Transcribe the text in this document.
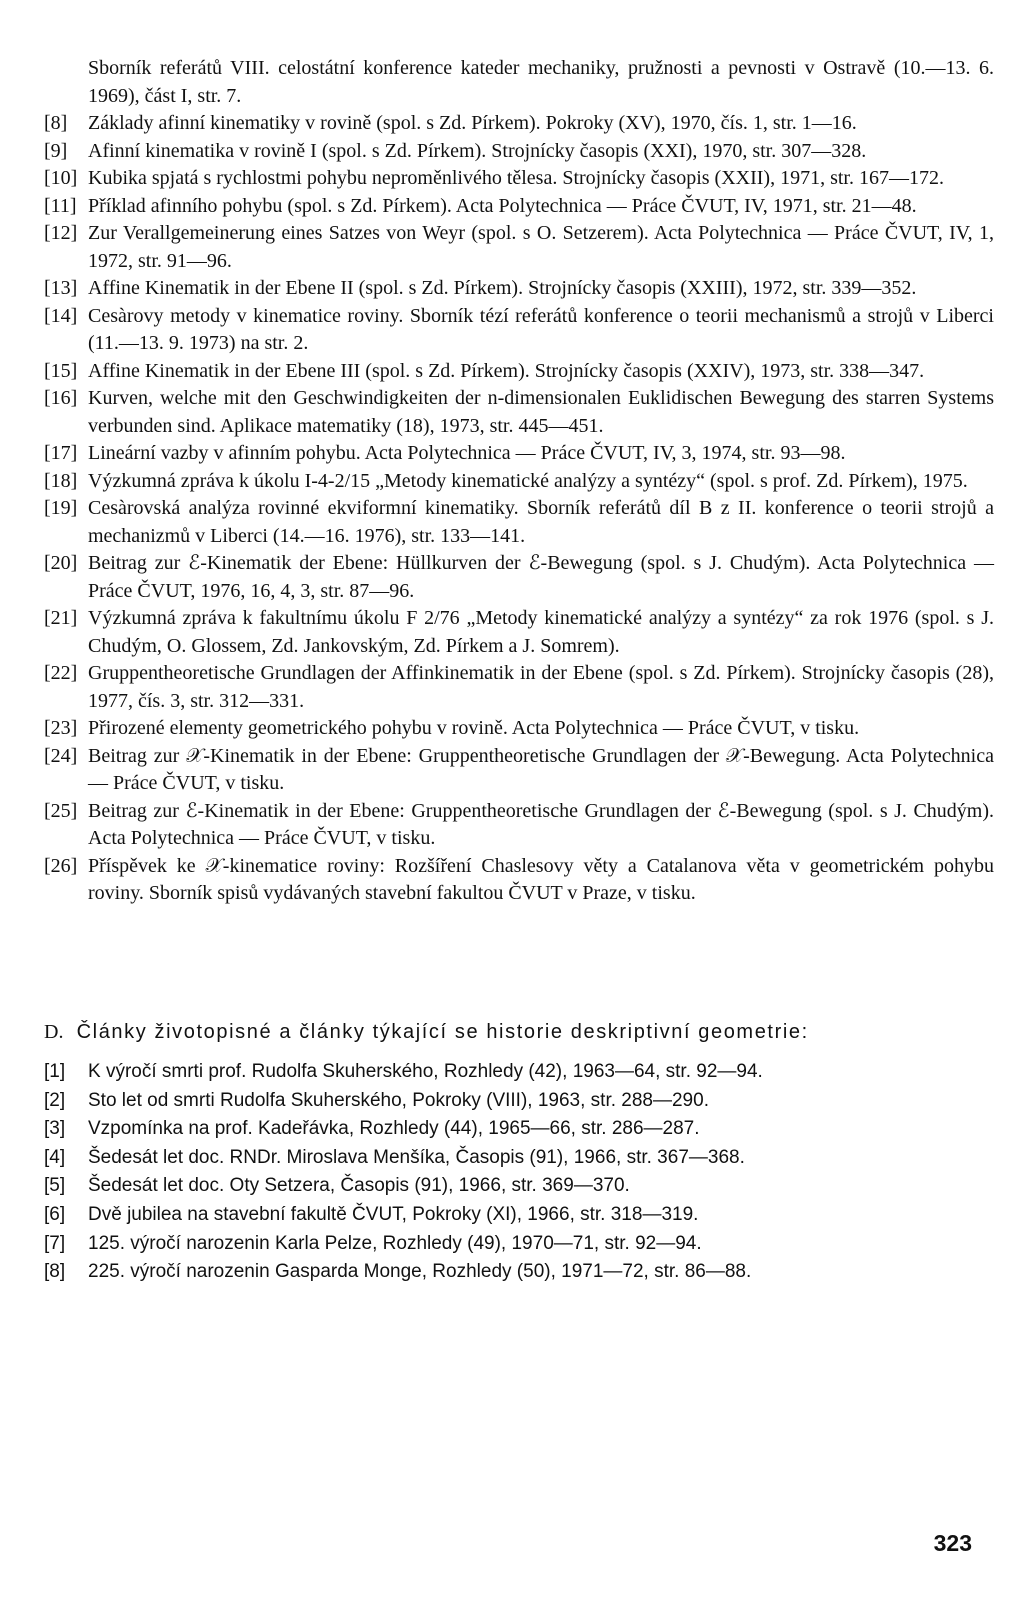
Sborník referátů VIII. celostátní konference kateder mechaniky, pružnosti a pevnosti v Ostravě (10.—13. 6. 1969), část I, str. 7.
[8]	Základy afinní kinematiky v rovině (spol. s Zd. Pírkem). Pokroky (XV), 1970, čís. 1, str. 1—16.
[9]	Afinní kinematika v rovině I (spol. s Zd. Pírkem). Strojnícky časopis (XXI), 1970, str. 307—328.
[10] Kubika spjatá s rychlostmi pohybu neproměnlivého tělesa. Strojnícky časopis (XXII), 1971, str. 167—172.
[11] Příklad afinního pohybu (spol. s Zd. Pírkem). Acta Polytechnica — Práce ČVUT, IV, 1971, str. 21—48.
[12] Zur Verallgemeinerung eines Satzes von Weyr (spol. s O. Setzerem). Acta Polytechnica — Práce ČVUT, IV, 1, 1972, str. 91—96.
[13] Affine Kinematik in der Ebene II (spol. s Zd. Pírkem). Strojnícky časopis (XXIII), 1972, str. 339—352.
[14] Cesàrovy metody v kinematice roviny. Sborník tézí referátů konference o teorii mechanismů a strojů v Liberci (11.—13. 9. 1973) na str. 2.
[15] Affine Kinematik in der Ebene III (spol. s Zd. Pírkem). Strojnícky časopis (XXIV), 1973, str. 338—347.
[16] Kurven, welche mit den Geschwindigkeiten der n-dimensionalen Euklidischen Bewegung des starren Systems verbunden sind. Aplikace matematiky (18), 1973, str. 445—451.
[17] Lineární vazby v afinním pohybu. Acta Polytechnica — Práce ČVUT, IV, 3, 1974, str. 93—98.
[18] Výzkumná zpráva k úkolu I-4-2/15 „Metody kinematické analýzy a syntézy“ (spol. s prof. Zd. Pírkem), 1975.
[19] Cesàrovská analýza rovinné ekviformní kinematiky. Sborník referátů díl B z II. konference o teorii strojů a mechanizmů v Liberci (14.—16. 1976), str. 133—141.
[20] Beitrag zur ℰ-Kinematik der Ebene: Hüllkurven der ℰ-Bewegung (spol. s J. Chudým). Acta Polytechnica — Práce ČVUT, 1976, 16, 4, 3, str. 87—96.
[21] Výzkumná zpráva k fakultnímu úkolu F 2/76 „Metody kinematické analýzy a syntézy“ za rok 1976 (spol. s J. Chudým, O. Glossem, Zd. Jankovským, Zd. Pírkem a J. Somrem).
[22] Gruppentheoretische Grundlagen der Affinkinematik in der Ebene (spol. s Zd. Pírkem). Strojnícky časopis (28), 1977, čís. 3, str. 312—331.
[23] Přirozené elementy geometrického pohybu v rovině. Acta Polytechnica — Práce ČVUT, v tisku.
[24] Beitrag zur 𝒳-Kinematik in der Ebene: Gruppentheoretische Grundlagen der 𝒳-Bewegung. Acta Polytechnica — Práce ČVUT, v tisku.
[25] Beitrag zur ℰ-Kinematik in der Ebene: Gruppentheoretische Grundlagen der ℰ-Bewegung (spol. s J. Chudým). Acta Polytechnica — Práce ČVUT, v tisku.
[26] Příspěvek ke 𝒳-kinematice roviny: Rozšíření Chaslesovy věty a Catalanova věta v geometrickém pohybu roviny. Sborník spisů vydávaných stavební fakultou ČVUT v Praze, v tisku.
D. Články životopisné a články týkající se historie deskriptivní geometrie:
[1]	K výročí smrti prof. Rudolfa Skuherského, Rozhledy (42), 1963—64, str. 92—94.
[2]	Sto let od smrti Rudolfa Skuherského, Pokroky (VIII), 1963, str. 288—290.
[3]	Vzpomínka na prof. Kadeřávka, Rozhledy (44), 1965—66, str. 286—287.
[4]	Šedesát let doc. RNDr. Miroslava Menšíka, Časopis (91), 1966, str. 367—368.
[5]	Šedesát let doc. Oty Setzera, Časopis (91), 1966, str. 369—370.
[6]	Dvě jubilea na stavební fakultě ČVUT, Pokroky (XI), 1966, str. 318—319.
[7]	125. výročí narozenin Karla Pelze, Rozhledy (49), 1970—71, str. 92—94.
[8]	225. výročí narozenin Gasparda Monge, Rozhledy (50), 1971—72, str. 86—88.
323
